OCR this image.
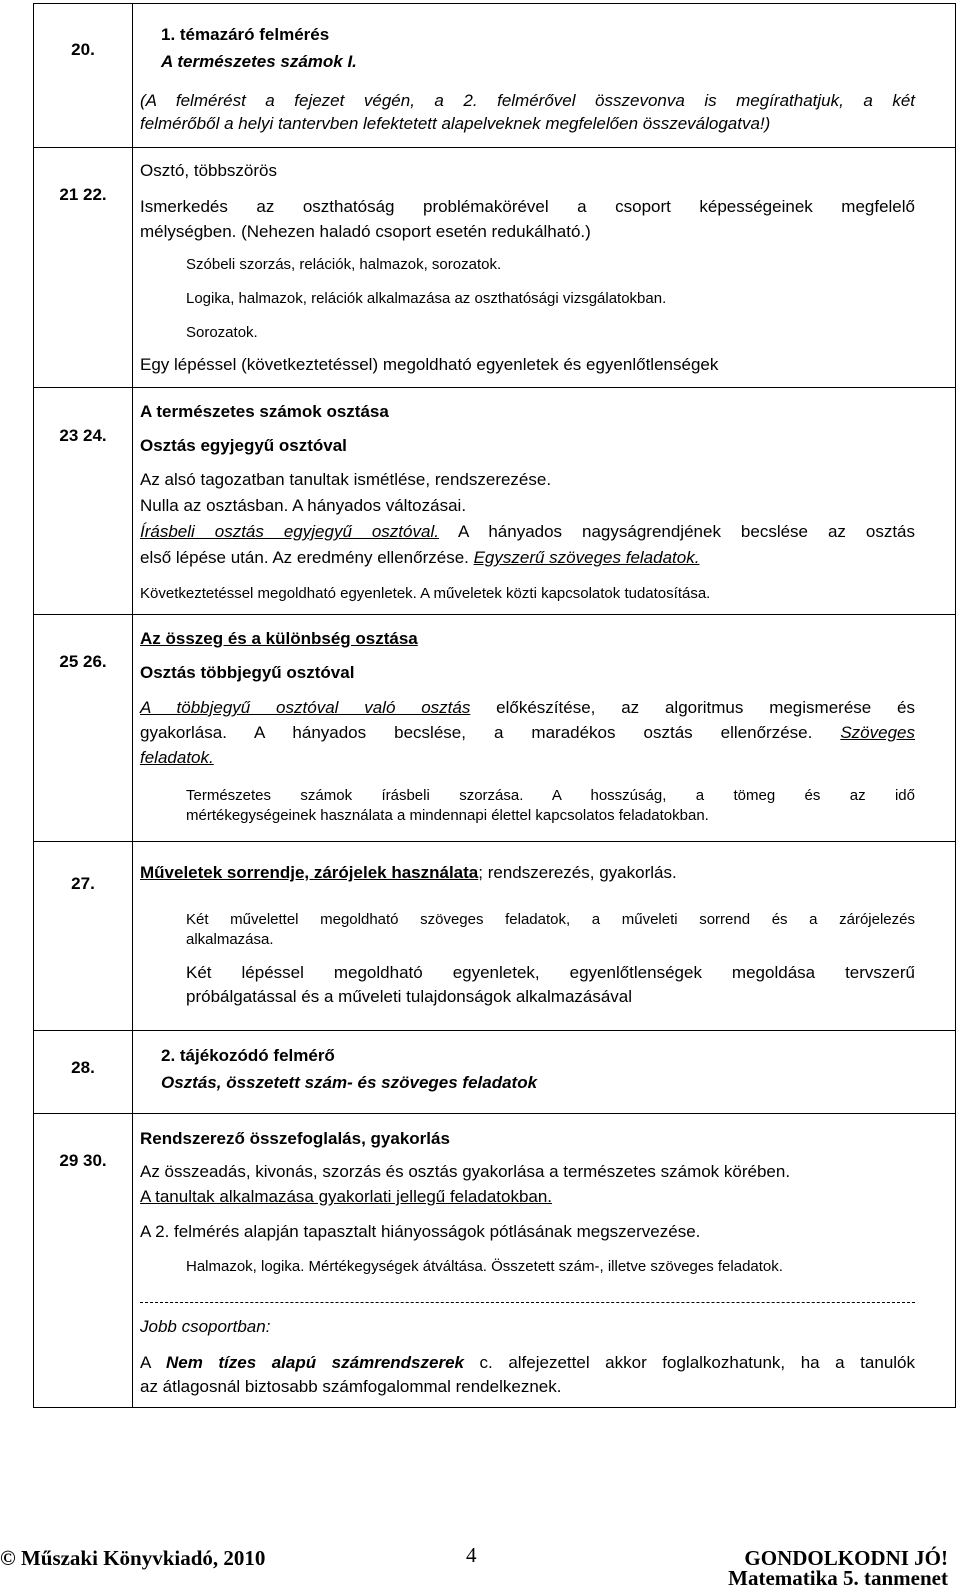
20.
21 22.
23 24.
25 26.
27.
28.
29 30.
1. témazáró felmérés
A természetes számok I.
(A felmérést a fejezet végén, a 2. felmérővel összevonva is megírathatjuk, a két
felmérőből a helyi tantervben lefektetett alapelveknek megfelelően összeválogatva!)
Osztó, többszörös
Ismerkedés az oszthatóság problémakörével a csoport képességeinek megfelelő
mélységben. (Nehezen haladó csoport esetén redukálható.)
Szóbeli szorzás, relációk, halmazok, sorozatok.
Logika, halmazok, relációk alkalmazása az oszthatósági vizsgálatokban.
Sorozatok.
Egy lépéssel (következtetéssel) megoldható egyenletek és egyenlőtlenségek
A természetes számok osztása
Osztás egyjegyű osztóval
Az alsó tagozatban tanultak ismétlése, rendszerezése.
Nulla az osztásban. A hányados változásai.
Írásbeli osztás egyjegyű osztóval. A hányados nagyságrendjének becslése az osztás
első lépése után. Az eredmény ellenőrzése. Egyszerű szöveges feladatok.
Következtetéssel megoldható egyenletek. A műveletek közti kapcsolatok tudatosítása.
Az összeg és a különbség osztása
Osztás többjegyű osztóval
A többjegyű osztóval való osztás előkészítése, az algoritmus megismerése és
gyakorlása. A hányados becslése, a maradékos osztás ellenőrzése. Szöveges
feladatok.
Természetes számok írásbeli szorzása. A hosszúság, a tömeg és az idő
mértékegységeinek használata a mindennapi élettel kapcsolatos feladatokban.
Műveletek sorrendje, zárójelek használata; rendszerezés, gyakorlás.
Két művelettel megoldható szöveges feladatok, a műveleti sorrend és a zárójelezés
alkalmazása.
Két lépéssel megoldható egyenletek, egyenlőtlenségek megoldása tervszerű
próbálgatással és a műveleti tulajdonságok alkalmazásával
2. tájékozódó felmérő
Osztás, összetett szám- és szöveges feladatok
Rendszerező összefoglalás, gyakorlás
Az összeadás, kivonás, szorzás és osztás gyakorlása a természetes számok körében.
A tanultak alkalmazása gyakorlati jellegű feladatokban.
A 2. felmérés alapján tapasztalt hiányosságok pótlásának megszervezése.
Halmazok, logika. Mértékegységek átváltása. Összetett szám-, illetve szöveges feladatok.
Jobb csoportban:
A Nem tízes alapú számrendszerek c. alfejezettel akkor foglalkozhatunk, ha a tanulók
az átlagosnál biztosabb számfogalommal rendelkeznek.
© Műszaki Könyvkiadó, 2010	4	GONDOLKODNI JÓ!
Matematika 5. tanmenet
